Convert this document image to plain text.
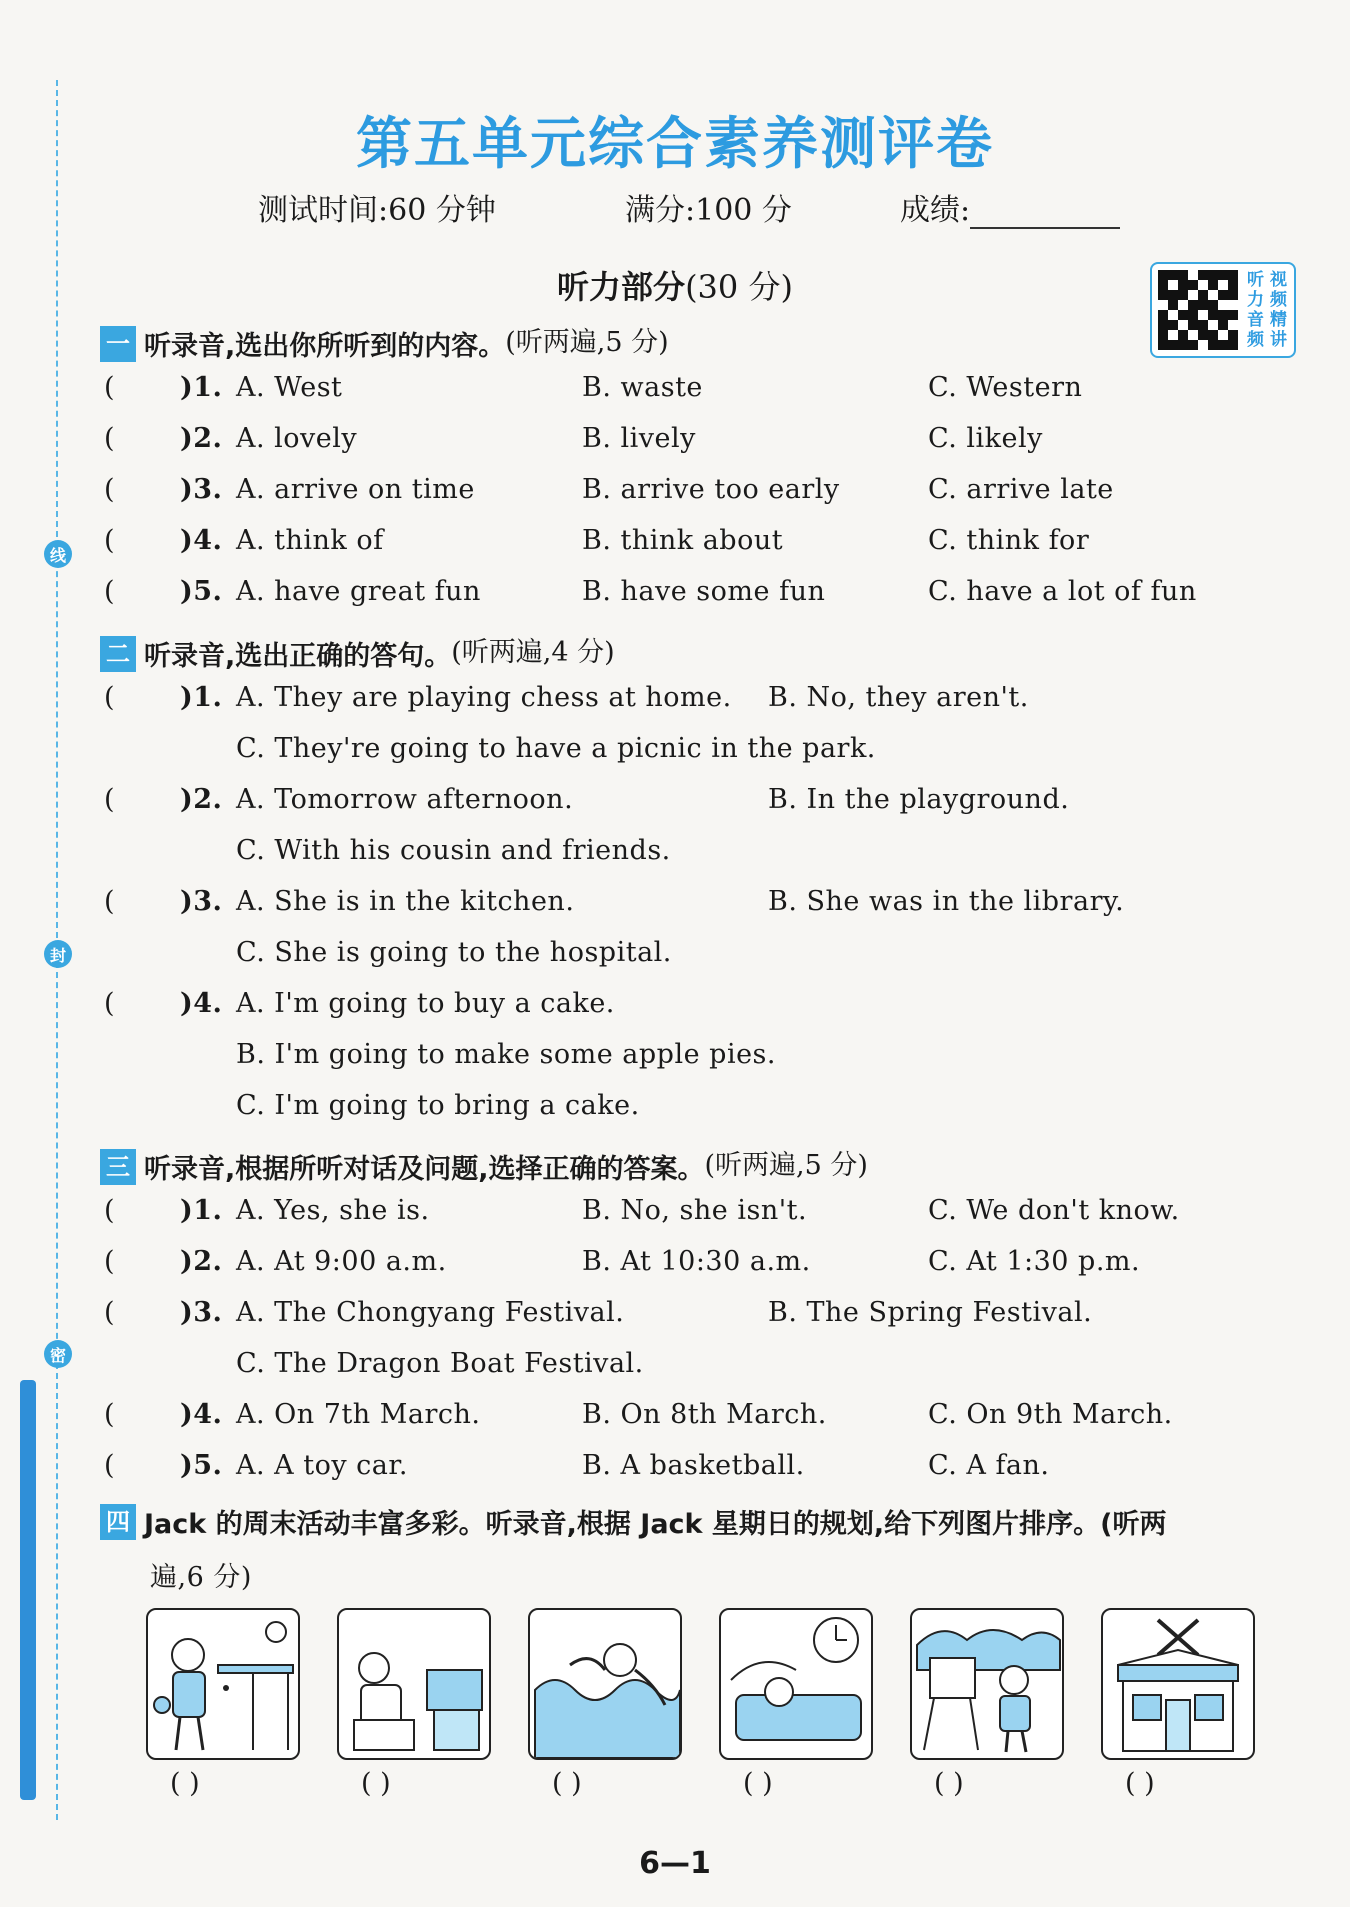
线
封
密
第五单元综合素养测评卷
测试时间:60 分钟	满分:100 分	成绩:
听力部分(30 分)	听 视
力 频
音 精
频 讲
一 听录音,选出你所听到的内容。(听两遍,5 分)
( )1. A. West	B. waste	C. Western
( )2. A. lovely	B. lively	C. likely
( )3. A. arrive on time	B. arrive too early	C. arrive late
( )4. A. think of	B. think about	C. think for
( )5. A. have great fun	B. have some fun	C. have a lot of fun
二 听录音,选出正确的答句。(听两遍,4 分)
( )1. A. They are playing chess at home. B. No, they aren't.
C. They're going to have a picnic in the park.
( )2. A. Tomorrow afternoon.	B. In the playground.
C. With his cousin and friends.
( )3. A. She is in the kitchen.	B. She was in the library.
C. She is going to the hospital.
( )4. A. I'm going to buy a cake.
B. I'm going to make some apple pies.
C. I'm going to bring a cake.
三 听录音,根据所听对话及问题,选择正确的答案。(听两遍,5 分)
( )1. A. Yes, she is.	B. No, she isn't.	C. We don't know.
( )2. A. At 9:00 a.m.	B. At 10:30 a.m.	C. At 1:30 p.m.
( )3. A. The Chongyang Festival.	B. The Spring Festival.
C. The Dragon Boat Festival.
( )4. A. On 7th March.	B. On 8th March.	C. On 9th March.
( )5. A. A toy car.	B. A basketball.	C. A fan.
四 Jack 的周末活动丰富多彩。听录音,根据 Jack 星期日的规划,给下列图片排序。(听两
遍,6 分)
( )	( )	( )	( )	( )	( )
6—1
